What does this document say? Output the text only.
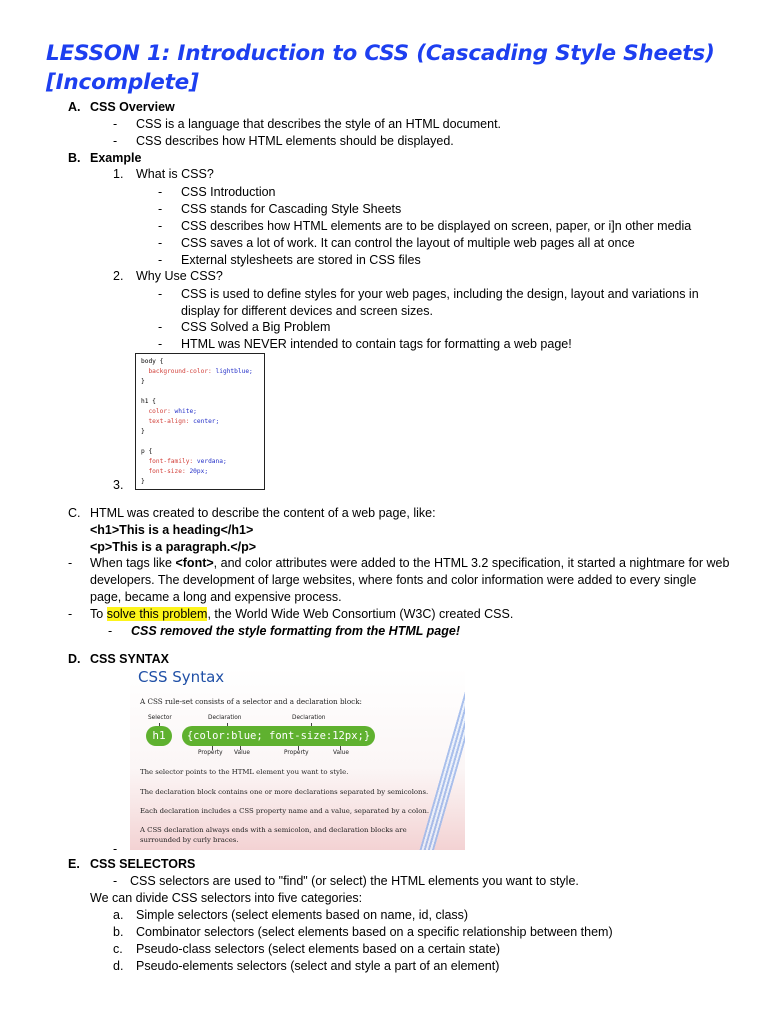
LESSON 1: Introduction to CSS (Cascading Style Sheets)
[Incomplete]
A. CSS Overview
- CSS is a language that describes the style of an HTML document.
- CSS describes how HTML elements should be displayed.
B. Example
1. What is CSS?
- CSS Introduction
- CSS stands for Cascading Style Sheets
- CSS describes how HTML elements are to be displayed on screen, paper, or i]n other media
- CSS saves a lot of work. It can control the layout of multiple web pages all at once
- External stylesheets are stored in CSS files
2. Why Use CSS?
- CSS is used to define styles for your web pages, including the design, layout and variations in display for different devices and screen sizes.
- CSS Solved a Big Problem
- HTML was NEVER intended to contain tags for formatting a web page!
body {
background-color: lightblue;
}

h1 {
color: white;
text-align: center;
}

p {
font-family: verdana;
font-size: 20px;
}
3.
C. HTML was created to describe the content of a web page, like:
<h1>This is a heading</h1>
<p>This is a paragraph.</p>
- When tags like <font>, and color attributes were added to the HTML 3.2 specification, it started a nightmare for web developers. The development of large websites, where fonts and color information were added to every single page, became a long and expensive process.
- To solve this problem, the World Wide Web Consortium (W3C) created CSS.
- CSS removed the style formatting from the HTML page!
D. CSS SYNTAX
CSS Syntax
A CSS rule-set consists of a selector and a declaration block:
Selector	Declaration	Declaration
h1	{color:blue; font-size:12px;}
Property Value	Property	Value
The selector points to the HTML element you want to style.
The declaration block contains one or more declarations separated by semicolons.
Each declaration includes a CSS property name and a value, separated by a colon.
A CSS declaration always ends with a semicolon, and declaration blocks are
surrounded by curly braces.
-
E. CSS SELECTORS
- CSS selectors are used to "find" (or select) the HTML elements you want to style.
We can divide CSS selectors into five categories:
a. Simple selectors (select elements based on name, id, class)
b. Combinator selectors (select elements based on a specific relationship between them)
c. Pseudo-class selectors (select elements based on a certain state)
d. Pseudo-elements selectors (select and style a part of an element)
